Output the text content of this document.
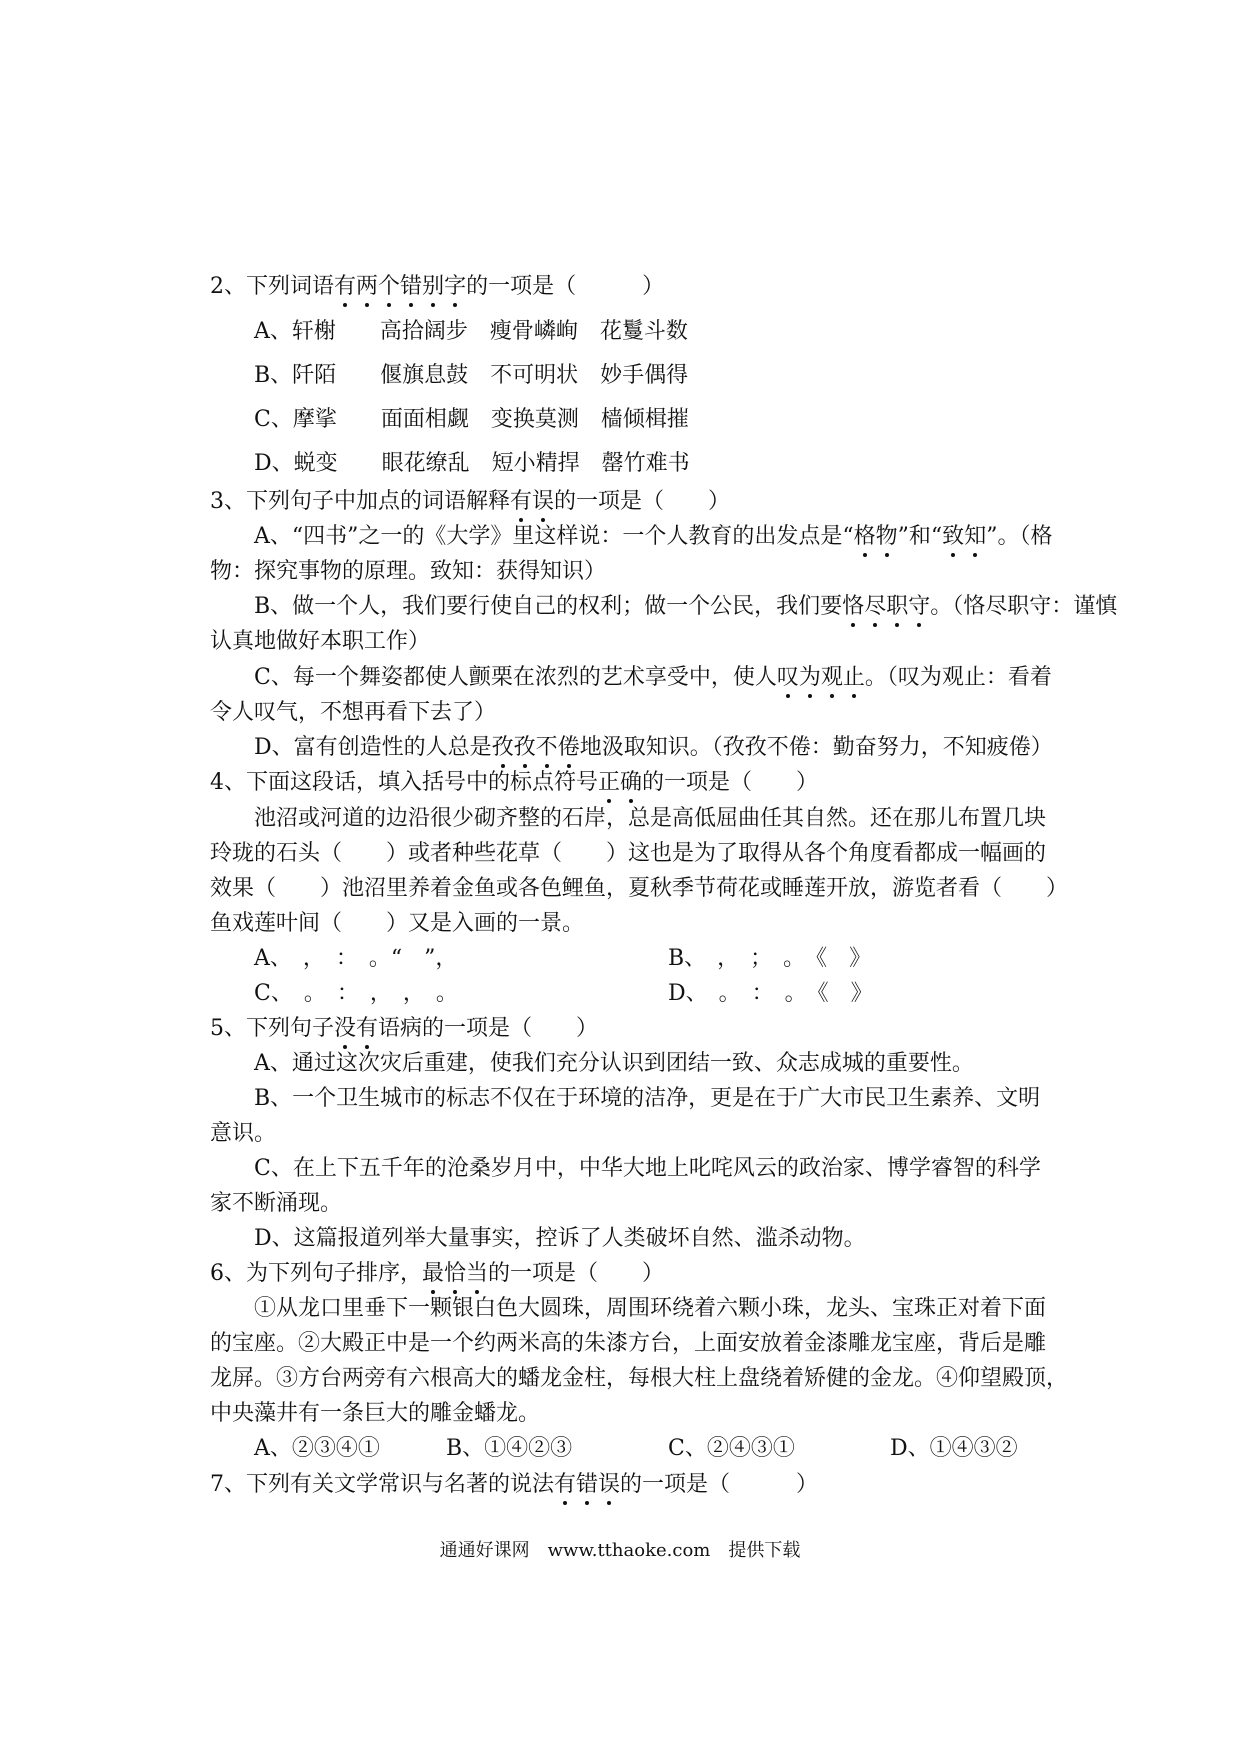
2、下列词语有两个错别字的一项是（　　　）
A、轩榭　　高拾阔步　瘦骨嶙峋　花鬘斗数
B、阡陌　　偃旗息鼓　不可明状　妙手偶得
C、摩挲　　面面相觑　变换莫测　樯倾楫摧
D、蜕变　　眼花缭乱　短小精捍　罄竹难书
3、下列句子中加点的词语解释有误的一项是（　　）
A、“四书”之一的《大学》里这样说：一个人教育的出发点是“格物”和“致知”。（格
物：探究事物的原理。致知：获得知识）
B、做一个人，我们要行使自己的权利；做一个公民，我们要恪尽职守。（恪尽职守：谨慎
认真地做好本职工作）
C、每一个舞姿都使人颤栗在浓烈的艺术享受中，使人叹为观止。（叹为观止：看着
令人叹气，不想再看下去了）
D、富有创造性的人总是孜孜不倦地汲取知识。（孜孜不倦：勤奋努力，不知疲倦）
4、下面这段话，填入括号中的标点符号正确的一项是（　　）
池沼或河道的边沿很少砌齐整的石岸，总是高低屈曲任其自然。还在那儿布置几块
玲珑的石头（　　）或者种些花草（　　）这也是为了取得从各个角度看都成一幅画的
效果（　　）池沼里养着金鱼或各色鲤鱼，夏秋季节荷花或睡莲开放，游览者看（　　）
鱼戏莲叶间（　　）又是入画的一景。
A、　，　：　。“　”，	B、　，　；　。　《　》
C、　。　：　，　，　。	D、　。　：　。　《　》
5、下列句子没有语病的一项是（　　）
A、通过这次灾后重建，使我们充分认识到团结一致、众志成城的重要性。
B、一个卫生城市的标志不仅在于环境的洁净，更是在于广大市民卫生素养、文明
意识。
C、在上下五千年的沧桑岁月中，中华大地上叱咤风云的政治家、博学睿智的科学
家不断涌现。
D、这篇报道列举大量事实，控诉了人类破坏自然、滥杀动物。
6、为下列句子排序，最恰当的一项是（　　）
①从龙口里垂下一颗银白色大圆珠，周围环绕着六颗小珠，龙头、宝珠正对着下面
的宝座。②大殿正中是一个约两米高的朱漆方台，上面安放着金漆雕龙宝座，背后是雕
龙屏。③方台两旁有六根高大的蟠龙金柱，每根大柱上盘绕着矫健的金龙。④仰望殿顶，
中央藻井有一条巨大的雕金蟠龙。
A、②③④①	B、①④②③	C、②④③①	D、①④③②
7、下列有关文学常识与名著的说法有错误的一项是（　　　）
通通好课网　www.tthaoke.com　提供下载
